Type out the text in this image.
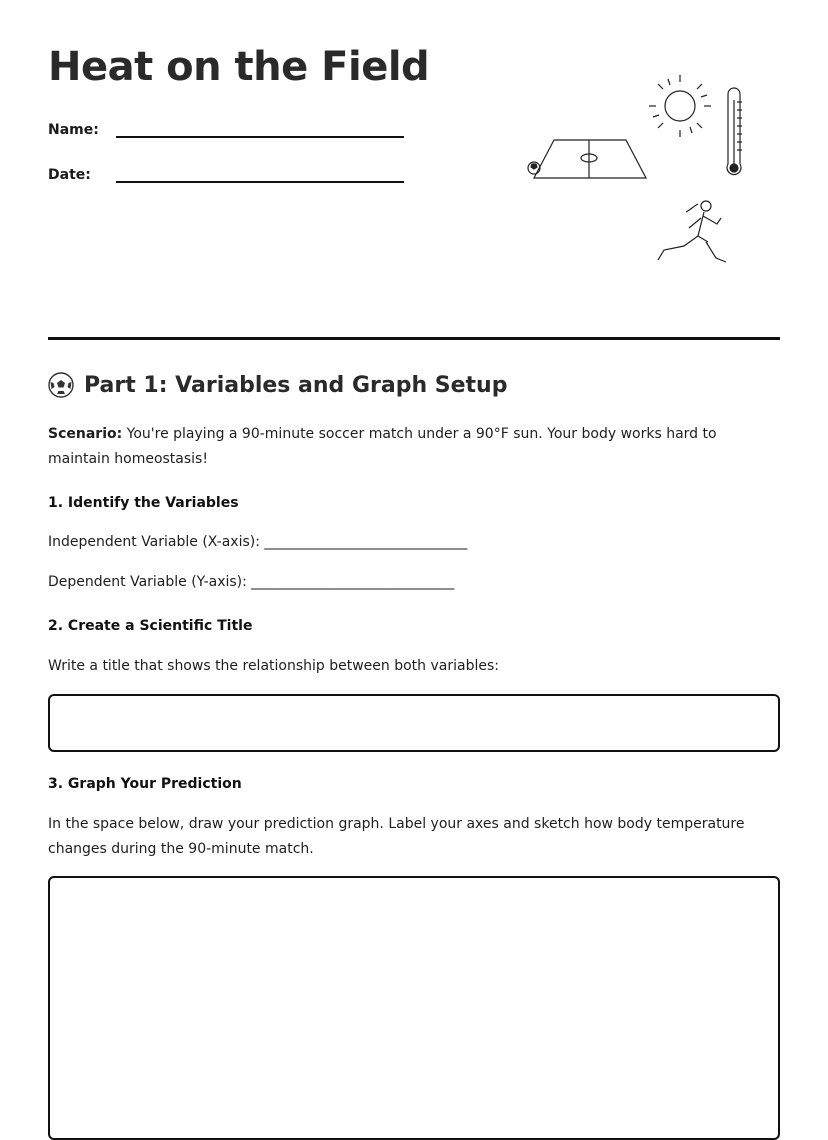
Heat on the Field
Name:
Date:
Part 1: Variables and Graph Setup

Scenario: You're playing a 90-minute soccer match under a 90°F sun. Your body works hard to maintain homeostasis!

1. Identify the Variables

Independent Variable (X-axis): _____________________________

Dependent Variable (Y-axis): _____________________________

2. Create a Scientific Title

Write a title that shows the relationship between both variables:

3. Graph Your Prediction

In the space below, draw your prediction graph. Label your axes and sketch how body temperature changes during the 90-minute match.
